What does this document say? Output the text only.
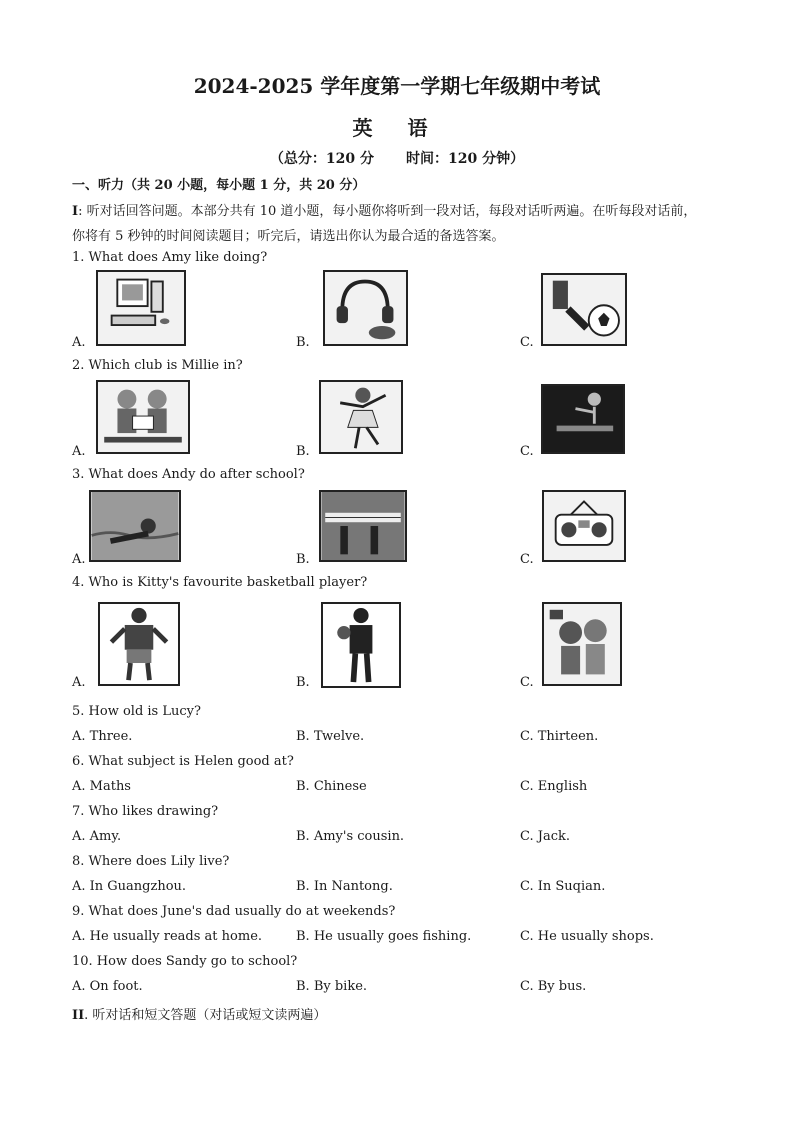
2024-2025 学年度第一学期七年级期中考试
英 语
（总分：120 分 时间：120 分钟）
一、听力（共 20 小题，每小题 1 分，共 20 分）
I: 听对话回答问题。本部分共有 10 道小题，每小题你将听到一段对话，每段对话听两遍。在听每段对话前，
你将有 5 秒钟的时间阅读题目；听完后，请选出你认为最合适的备选答案。
1. What does Amy like doing?
A.	B.	C.
2. Which club is Millie in?
A.	B.	C.
3. What does Andy do after school?
A.	B.	C.
4. Who is Kitty's favourite basketball player?
A.	B.	C.
5. How old is Lucy?
A. Three.	B. Twelve.	C. Thirteen.
6. What subject is Helen good at?
A. Maths	B. Chinese	C. English
7. Who likes drawing?
A. Amy.	B. Amy's cousin.	C. Jack.
8. Where does Lily live?
A. In Guangzhou.	B. In Nantong.	C. In Suqian.
9. What does June's dad usually do at weekends?
A. He usually reads at home.	B. He usually goes fishing.	C. He usually shops.
10. How does Sandy go to school?
A. On foot.	B. By bike.	C. By bus.
II. 听对话和短文答题（对话或短文读两遍）
